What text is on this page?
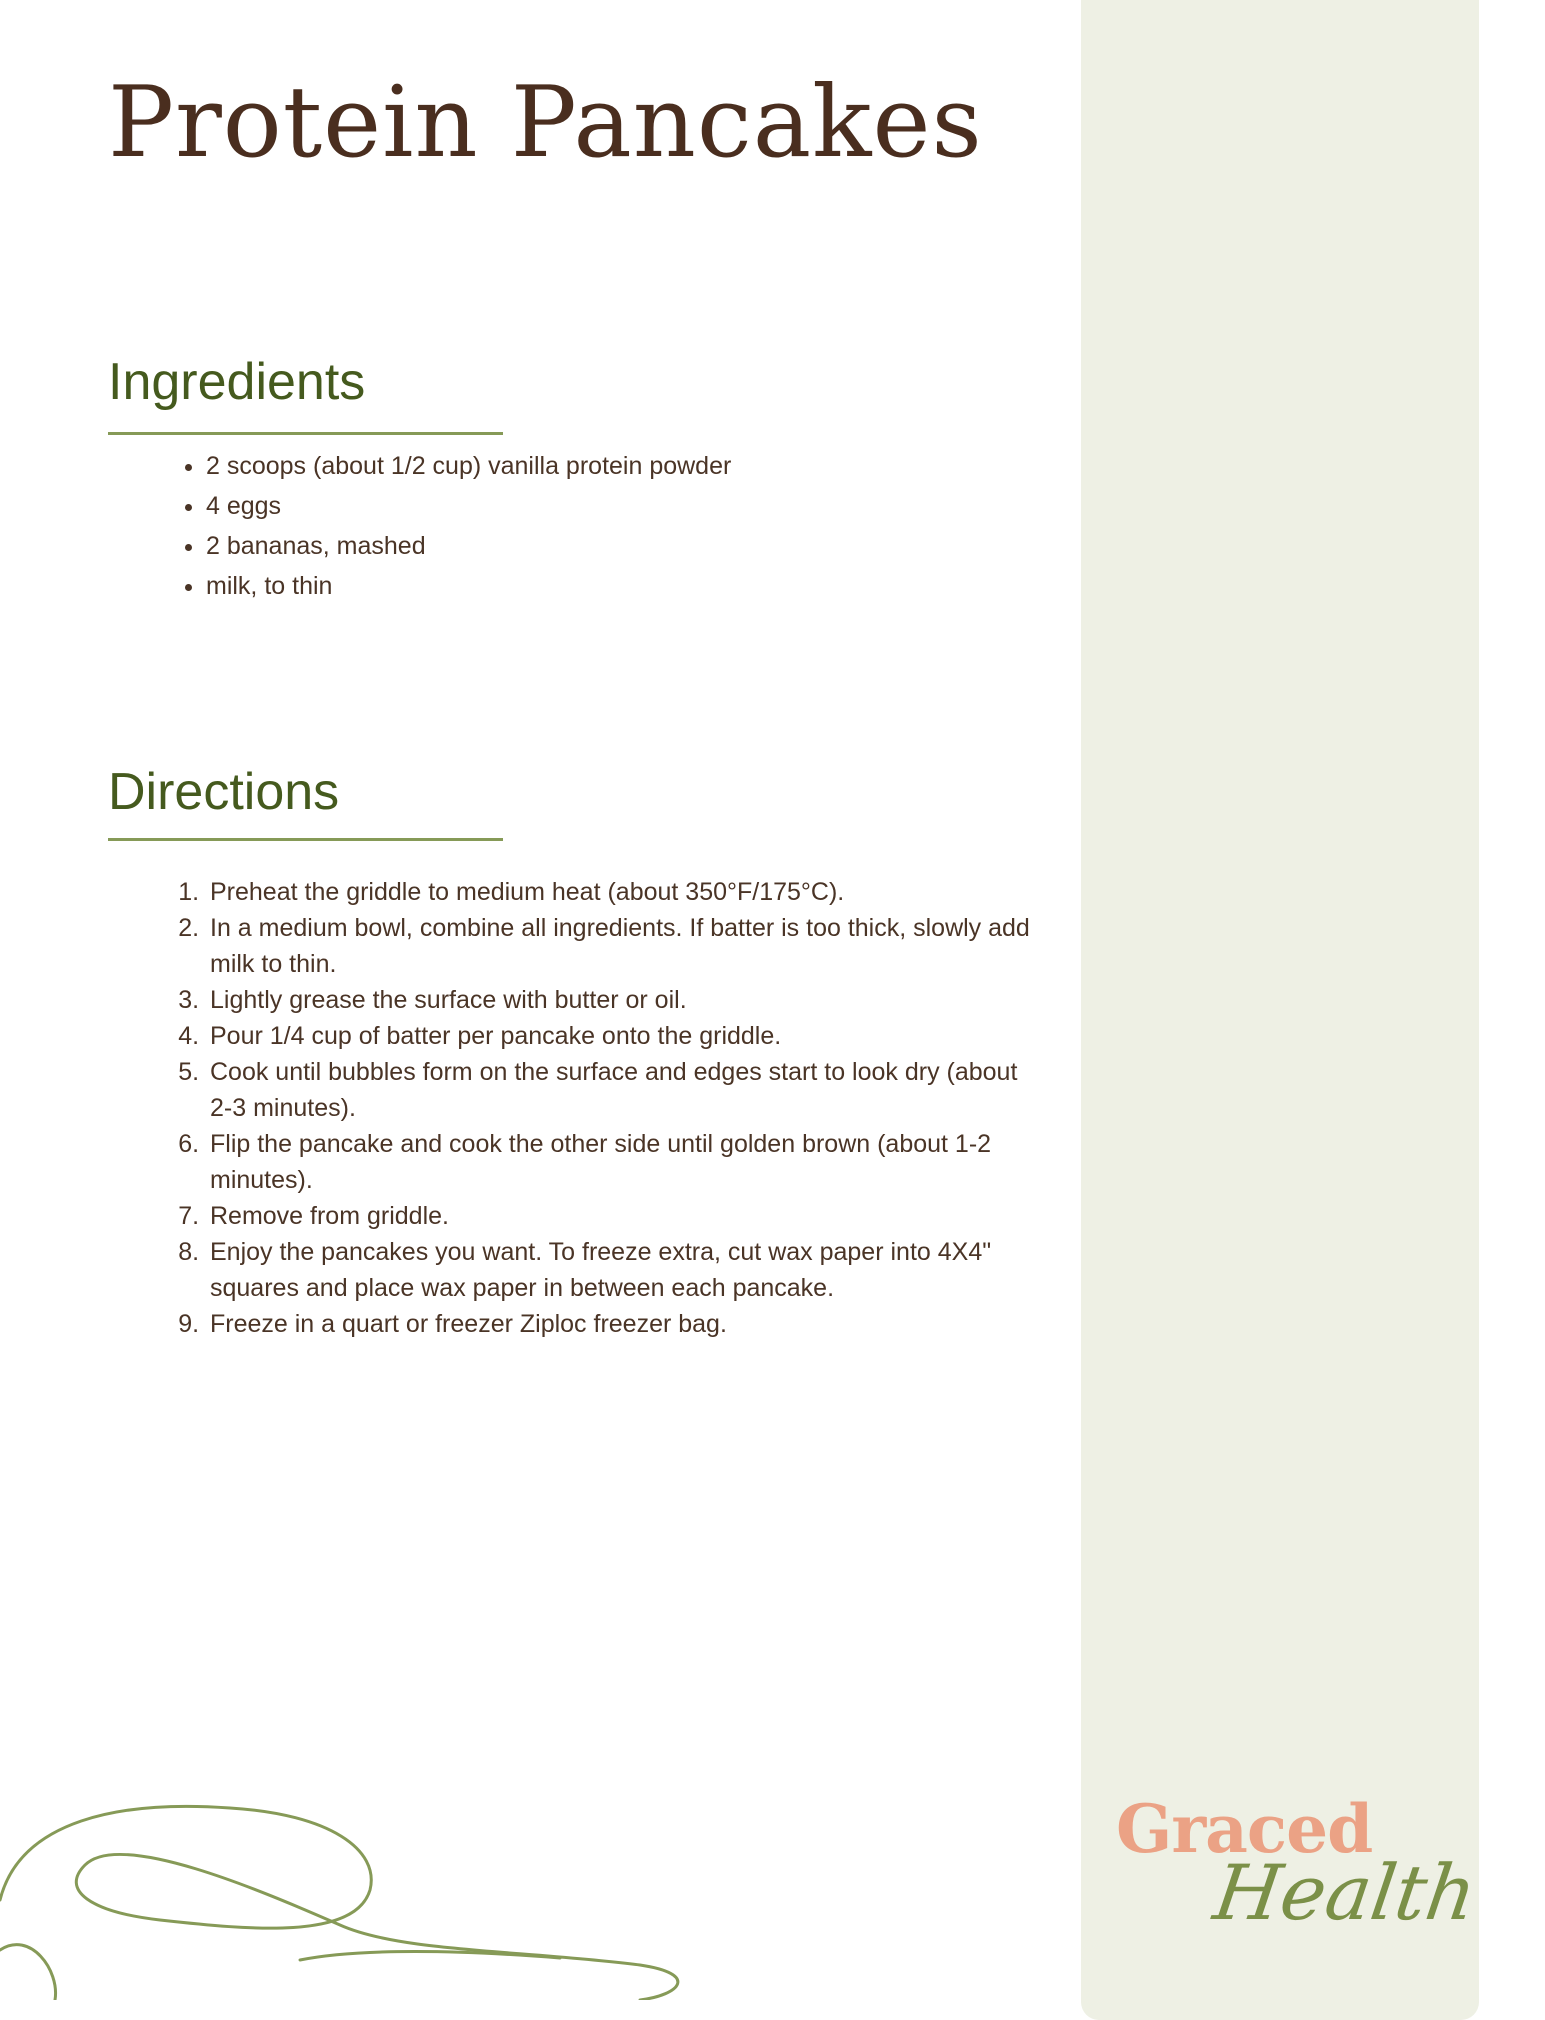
Protein Pancakes
Ingredients
• 2 scoops (about 1/2 cup) vanilla protein powder
• 4 eggs
• 2 bananas, mashed
• milk, to thin
Directions
1. Preheat the griddle to medium heat (about 350°F/175°C).
2. In a medium bowl, combine all ingredients. If batter is too thick, slowly add milk to thin.
3. Lightly grease the surface with butter or oil.
4. Pour 1/4 cup of batter per pancake onto the griddle.
5. Cook until bubbles form on the surface and edges start to look dry (about 2-3 minutes).
6. Flip the pancake and cook the other side until golden brown (about 1-2 minutes).
7. Remove from griddle.
8. Enjoy the pancakes you want. To freeze extra, cut wax paper into 4X4" squares and place wax paper in between each pancake.
9. Freeze in a quart or freezer Ziploc freezer bag.
Graced
Health
